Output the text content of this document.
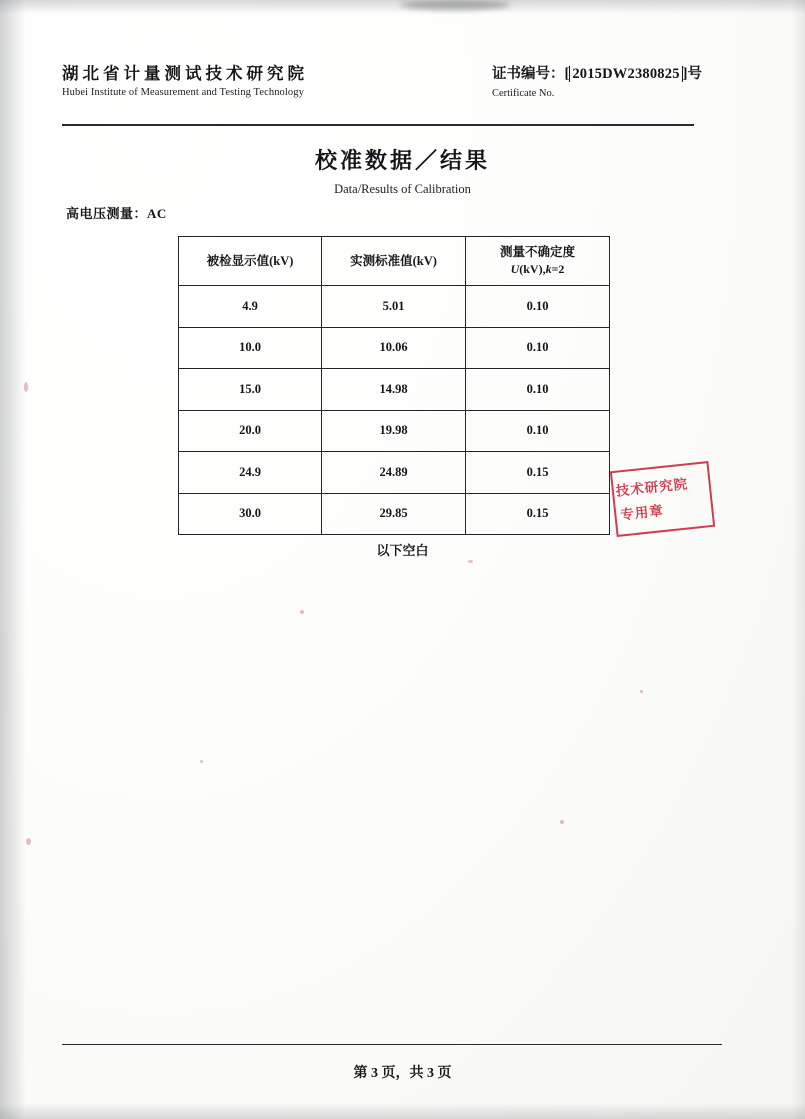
湖北省计量测试技术研究院
Hubei Institute of Measurement and Testing Technology
证书编号：[ 2015DW2380825 ]号
Certificate No.
校准数据／结果
Data/Results of Calibration
高电压测量：AC
被检显示值(kV)	实测标准值(kV)	测量不确定度
U(kV),k=2

4.9	5.01	0.10
10.0	10.06	0.10
15.0	14.98	0.10
20.0	19.98	0.10
24.9	24.89	0.15
30.0	29.85	0.15
以下空白
技术研究院
专用章
第 3 页，共 3 页
